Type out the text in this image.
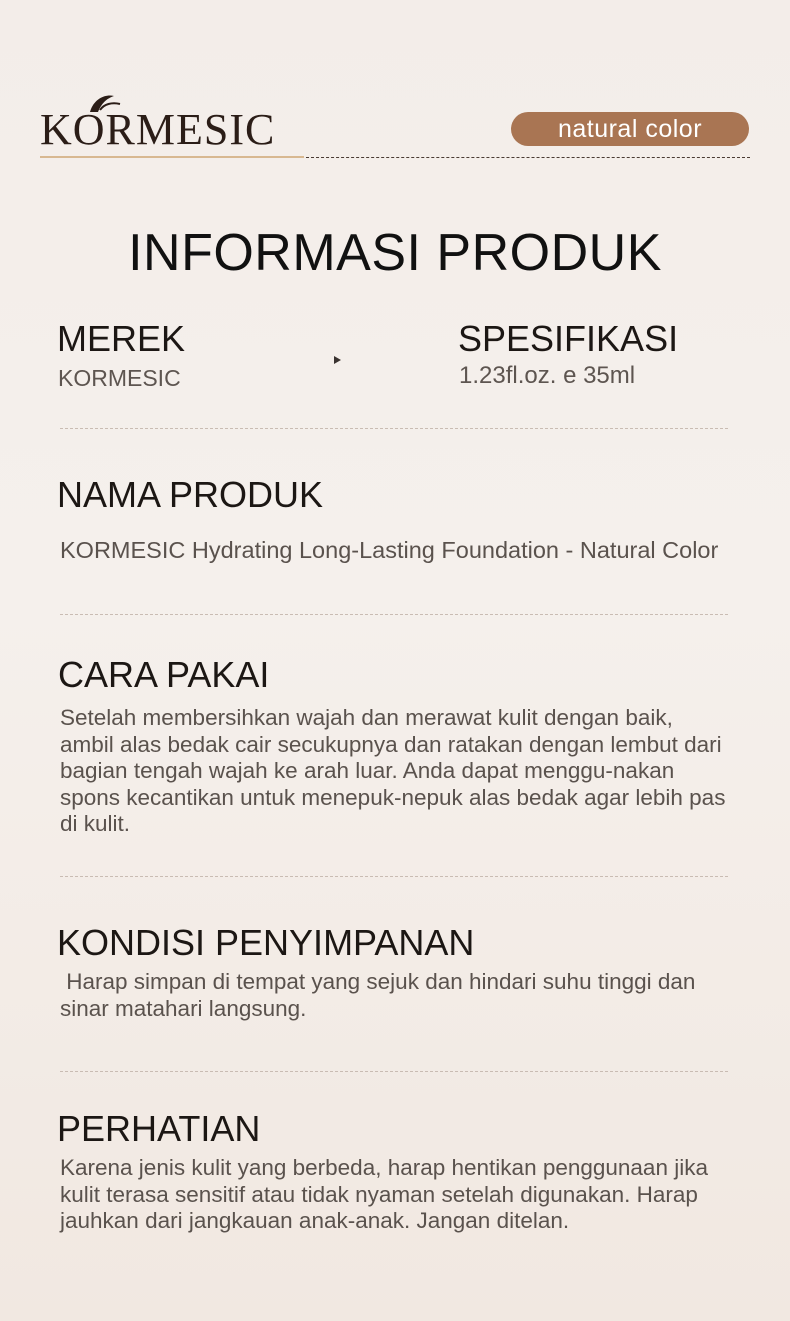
KORMESIC	natural color
INFORMASI PRODUK
MEREK
KORMESIC
SPESIFIKASI
1.23fl.oz. e 35ml
NAMA PRODUK
KORMESIC Hydrating Long-Lasting Foundation - Natural Color
CARA PAKAI
Setelah membersihkan wajah dan merawat kulit dengan baik, ambil alas bedak cair secukupnya dan ratakan dengan lembut dari bagian tengah wajah ke arah luar. Anda dapat menggu-nakan spons kecantikan untuk menepuk-nepuk alas bedak agar lebih pas di kulit.
KONDISI PENYIMPANAN
Harap simpan di tempat yang sejuk dan hindari suhu tinggi dan sinar matahari langsung.
PERHATIAN
Karena jenis kulit yang berbeda, harap hentikan penggunaan jika kulit terasa sensitif atau tidak nyaman setelah digunakan. Harap jauhkan dari jangkauan anak-anak. Jangan ditelan.
